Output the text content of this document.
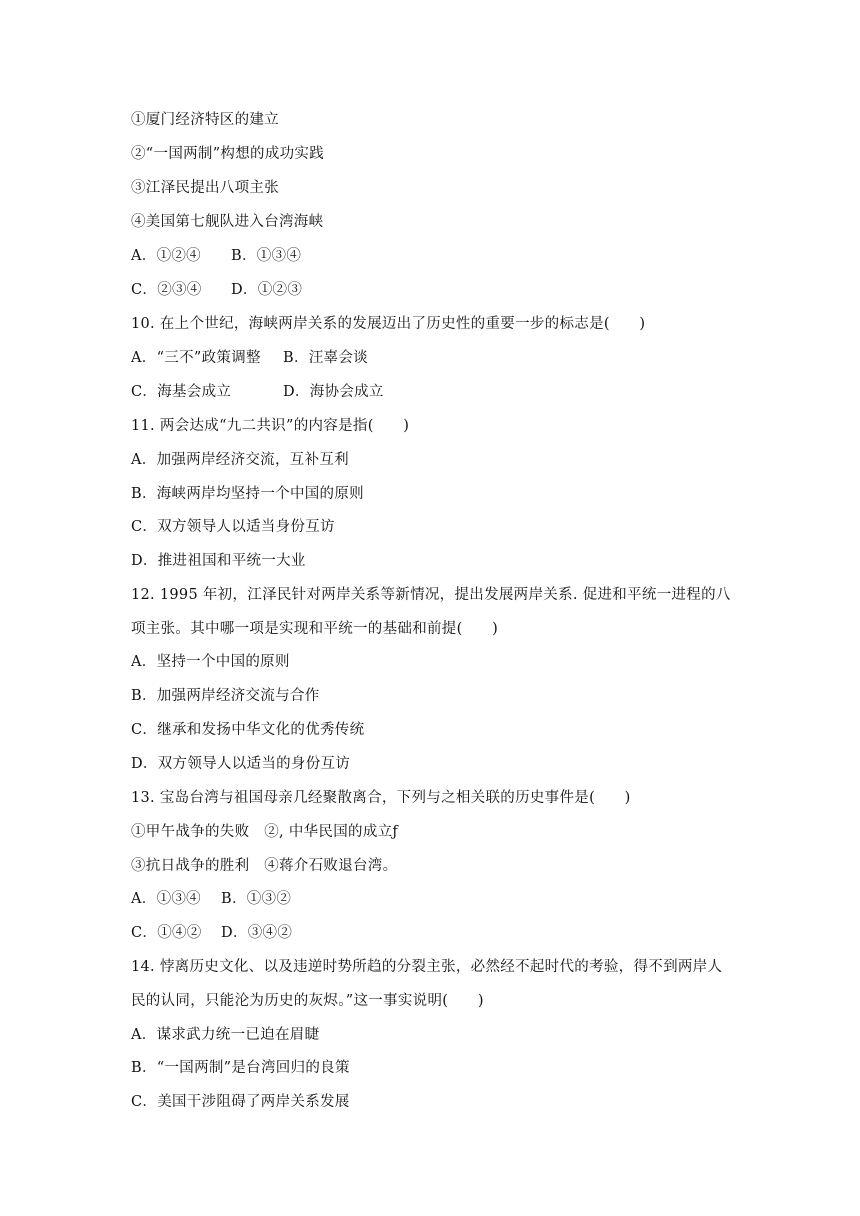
①厦门经济特区的建立
②“一国两制”构想的成功实践
③江泽民提出八项主张
④美国第七舰队进入台湾海峡
A．①②④ B．①③④
C．②③④ D．①②③
10. 在上个世纪，海峡两岸关系的发展迈出了历史性的重要一步的标志是(　　)
A．“三不”政策调整 B．汪辜会谈
C．海基会成立	D．海协会成立
11. 两会达成“九二共识”的内容是指(　　)
A．加强两岸经济交流，互补互利
B．海峡两岸均坚持一个中国的原则
C．双方领导人以适当身份互访
D．推进祖国和平统一大业
12. 1995 年初，江泽民针对两岸关系等新情况，提出发展两岸关系. 促进和平统一进程的八
项主张。其中哪一项是实现和平统一的基础和前提(　　)
A．坚持一个中国的原则
B．加强两岸经济交流与合作
C．继承和发扬中华文化的优秀传统
D．双方领导人以适当的身份互访
13. 宝岛台湾与祖国母亲几经聚散离合，下列与之相关联的历史事件是(　　)
①甲午战争的失败　②, 中华民国的成立ƒ
③抗日战争的胜利　④蒋介石败退台湾。
A．①③④ B．①③②
C．①④② D．③④②
14. 悖离历史文化、以及违逆时势所趋的分裂主张，必然经不起时代的考验，得不到两岸人
民的认同，只能沦为历史的灰烬。”这一事实说明(　　)
A．谋求武力统一已迫在眉睫
B．“一国两制”是台湾回归的良策
C．美国干涉阻碍了两岸关系发展
